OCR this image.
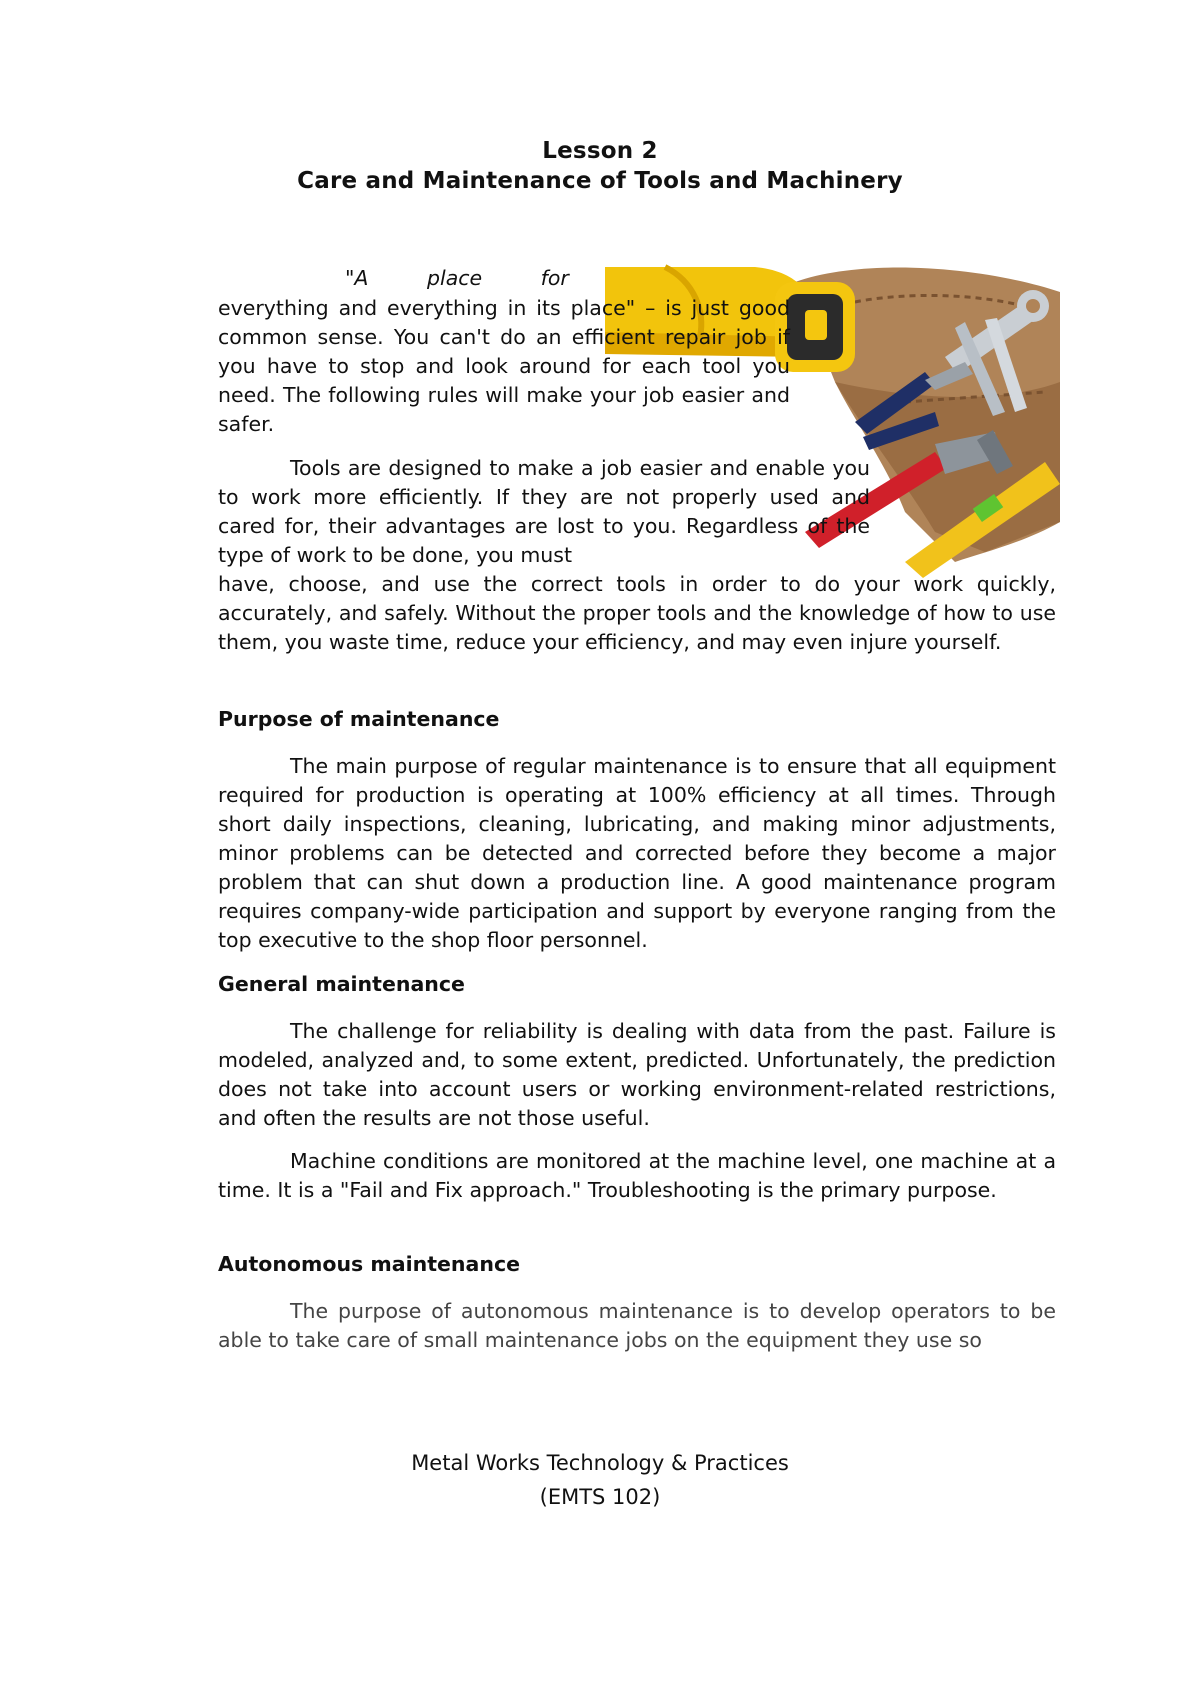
Lesson 2
Care and Maintenance of Tools and Machinery
"A	place	for

everything and everything in its place" – is just good common sense. You can't do an efficient repair job if you have to stop and look around for each tool you need. The following rules will make your job easier and safer.

Tools are designed to make a job easier and enable you to work more efficiently. If they are not properly used and cared for, their advantages are lost to you. Regardless of the type of work to be done, you must

have, choose, and use the correct tools in order to do your work quickly, accurately, and safely. Without the proper tools and the knowledge of how to use them, you waste time, reduce your efficiency, and may even injure yourself.

Purpose of maintenance

The main purpose of regular maintenance is to ensure that all equipment required for production is operating at 100% efficiency at all times. Through short daily inspections, cleaning, lubricating, and making minor adjustments, minor problems can be detected and corrected before they become a major problem that can shut down a production line. A good maintenance program requires company-wide participation and support by everyone ranging from the top executive to the shop floor personnel.

General maintenance

The challenge for reliability is dealing with data from the past. Failure is modeled, analyzed and, to some extent, predicted. Unfortunately, the prediction does not take into account users or working environment-related restrictions, and often the results are not those useful.

Machine conditions are monitored at the machine level, one machine at a time. It is a "Fail and Fix approach." Troubleshooting is the primary purpose.

Autonomous maintenance

The purpose of autonomous maintenance is to develop operators to be able to take care of small maintenance jobs on the equipment they use so

Metal Works Technology & Practices
(EMTS 102)
